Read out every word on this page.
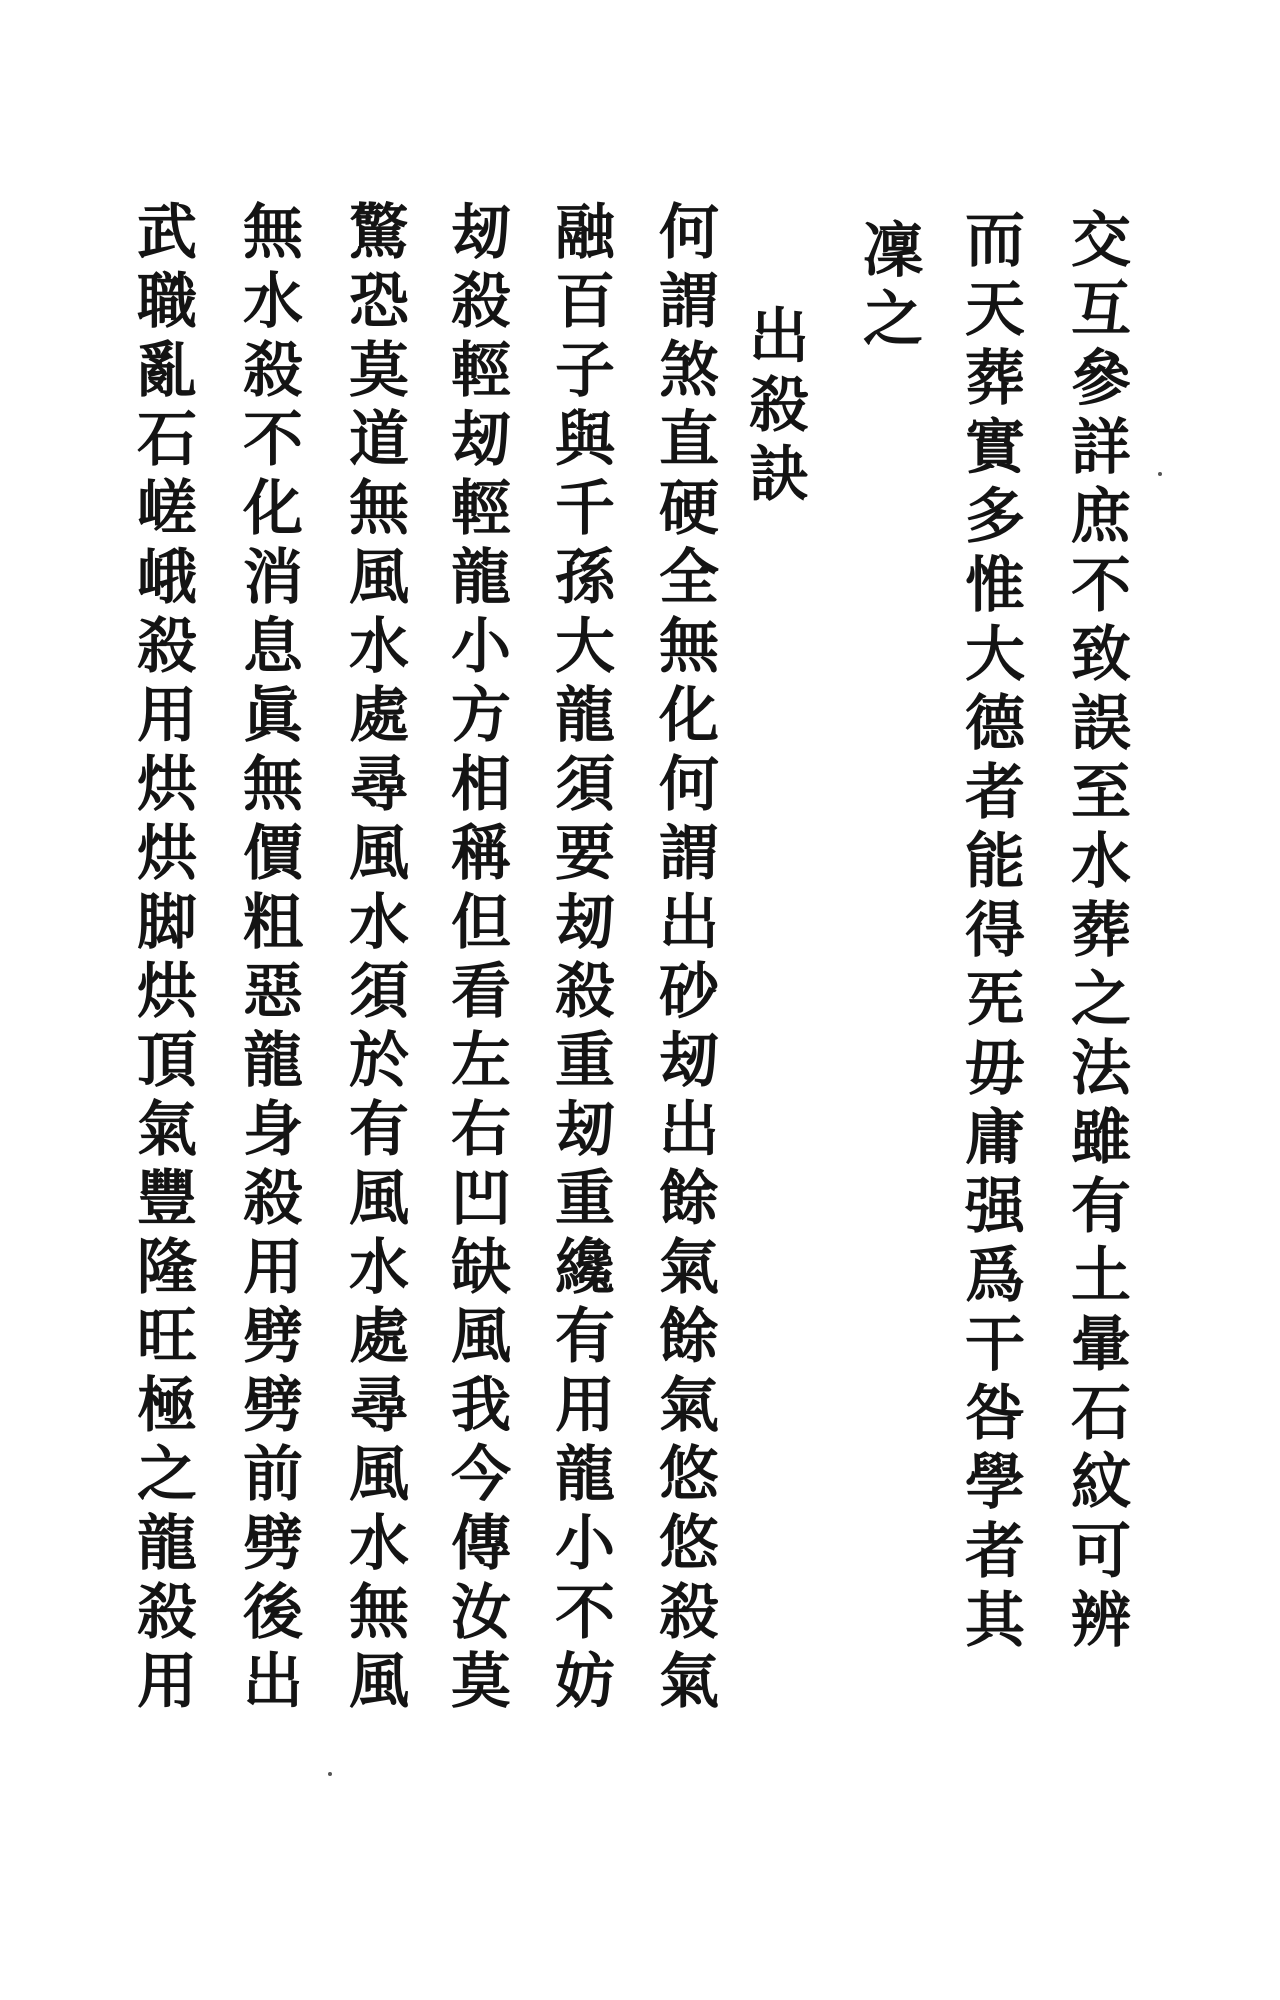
交互參詳庶不致誤至水葬之法雖有土暈石紋可辨
而天葬實多惟大德者能得𠀡毋庸强爲干咎學者其
凜之
出殺訣
何謂煞直硬全無化何謂出砂刼出餘氣餘氣悠悠殺氣
融百子與千孫大龍須要刼殺重刼重纔有用龍小不妨
刼殺輕刼輕龍小方相稱但看左右凹缺風我今傳汝莫
驚恐莫道無風水處尋風水須於有風水處尋風水無風
無水殺不化消息眞無價粗惡龍身殺用劈劈前劈後出
武職亂石嵯峨殺用烘烘脚烘頂氣豐隆旺極之龍殺用
